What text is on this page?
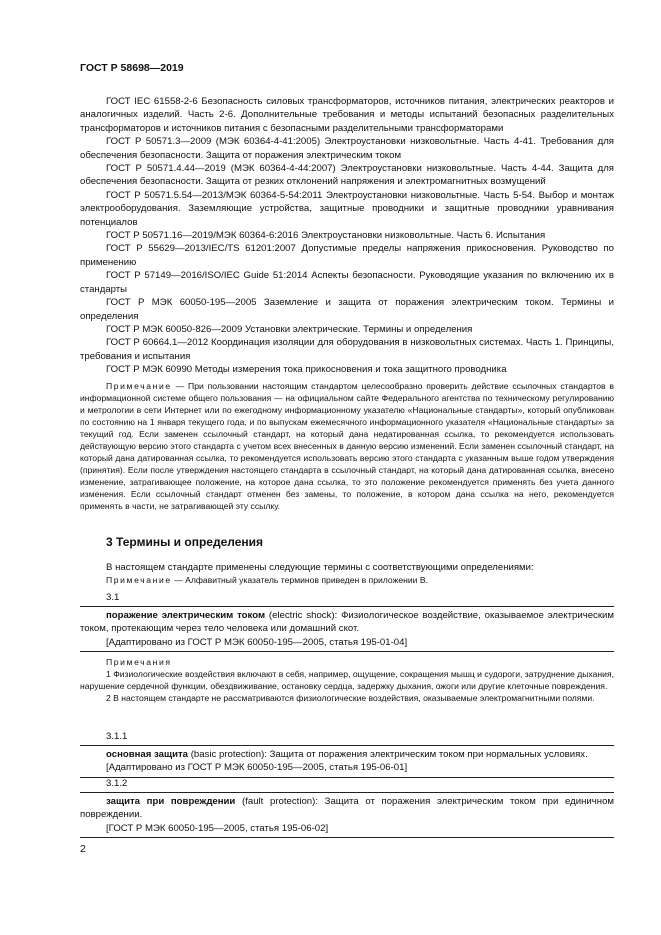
ГОСТ Р 58698—2019

ГОСТ IEC 61558-2-6 Безопасность силовых трансформаторов, источников питания, электрических реакторов и аналогичных изделий. Часть 2-6. Дополнительные требования и методы испытаний безопасных разделительных трансформаторов и источников питания с безопасными разделительными трансформаторами

ГОСТ Р 50571.3—2009 (МЭК 60364-4-41:2005) Электроустановки низковольтные. Часть 4-41. Требования для обеспечения безопасности. Защита от поражения электрическим током

ГОСТ Р 50571.4.44—2019 (МЭК 60364-4-44:2007) Электроустановки низковольтные. Часть 4-44. Защита для обеспечения безопасности. Защита от резких отклонений напряжения и электромагнитных возмущений

ГОСТ Р 50571.5.54—2013/МЭК 60364-5-54:2011 Электроустановки низковольтные. Часть 5-54. Выбор и монтаж электрооборудования. Заземляющие устройства, защитные проводники и защитные проводники уравнивания потенциалов

ГОСТ Р 50571.16—2019/МЭК 60364-6:2016 Электроустановки низковольтные. Часть 6. Испытания

ГОСТ Р 55629—2013/IEC/TS 61201:2007 Допустимые пределы напряжения прикосновения. Руководство по применению

ГОСТ Р 57149—2016/ISO/IEC Guide 51:2014 Аспекты безопасности. Руководящие указания по включению их в стандарты

ГОСТ Р МЭК 60050-195—2005 Заземление и защита от поражения электрическим током. Термины и определения

ГОСТ Р МЭК 60050-826—2009 Установки электрические. Термины и определения

ГОСТ Р 60664.1—2012 Координация изоляции для оборудования в низковольтных системах. Часть 1. Принципы, требования и испытания

ГОСТ Р МЭК 60990 Методы измерения тока прикосновения и тока защитного проводника

Примечание — При пользовании настоящим стандартом целесообразно проверить действие ссылочных стандартов в информационной системе общего пользования — на официальном сайте Федерального агентства по техническому регулированию и метрологии в сети Интернет или по ежегодному информационному указателю «Национальные стандарты», который опубликован по состоянию на 1 января текущего года, и по выпускам ежемесячного информационного указателя «Национальные стандарты» за текущий год. Если заменен ссылочный стандарт, на который дана недатированная ссылка, то рекомендуется использовать действующую версию этого стандарта с учетом всех внесенных в данную версию изменений. Если заменен ссылочный стандарт, на который дана датированная ссылка, то рекомендуется использовать версию этого стандарта с указанным выше годом утверждения (принятия). Если после утверждения настоящего стандарта в ссылочный стандарт, на который дана датированная ссылка, внесено изменение, затрагивающее положение, на которое дана ссылка, то это положение рекомендуется применять без учета данного изменения. Если ссылочный стандарт отменен без замены, то положение, в котором дана ссылка на него, рекомендуется применять в части, не затрагивающей эту ссылку.

3 Термины и определения

В настоящем стандарте применены следующие термины с соответствующими определениями:

Примечание — Алфавитный указатель терминов приведен в приложении В.

3.1

поражение электрическим током (electric shock): Физиологическое воздействие, оказываемое электрическим током, протекающим через тело человека или домашний скот.

[Адаптировано из ГОСТ Р МЭК 60050-195—2005, статья 195-01-04]

Примечания

1 Физиологические воздействия включают в себя, например, ощущение, сокращения мышц и судороги, затруднение дыхания, нарушение сердечной функции, обездвиживание, остановку сердца, задержку дыхания, ожоги или другие клеточные повреждения.

2 В настоящем стандарте не рассматриваются физиологические воздействия, оказываемые электромагнитными полями.

3.1.1

основная защита (basic protection): Защита от поражения электрическим током при нормальных условиях.

[Адаптировано из ГОСТ Р МЭК 60050-195—2005, статья 195-06-01]

3.1.2

защита при повреждении (fault protection): Защита от поражения электрическим током при единичном повреждении.

[ГОСТ Р МЭК 60050-195—2005, статья 195-06-02]

2
